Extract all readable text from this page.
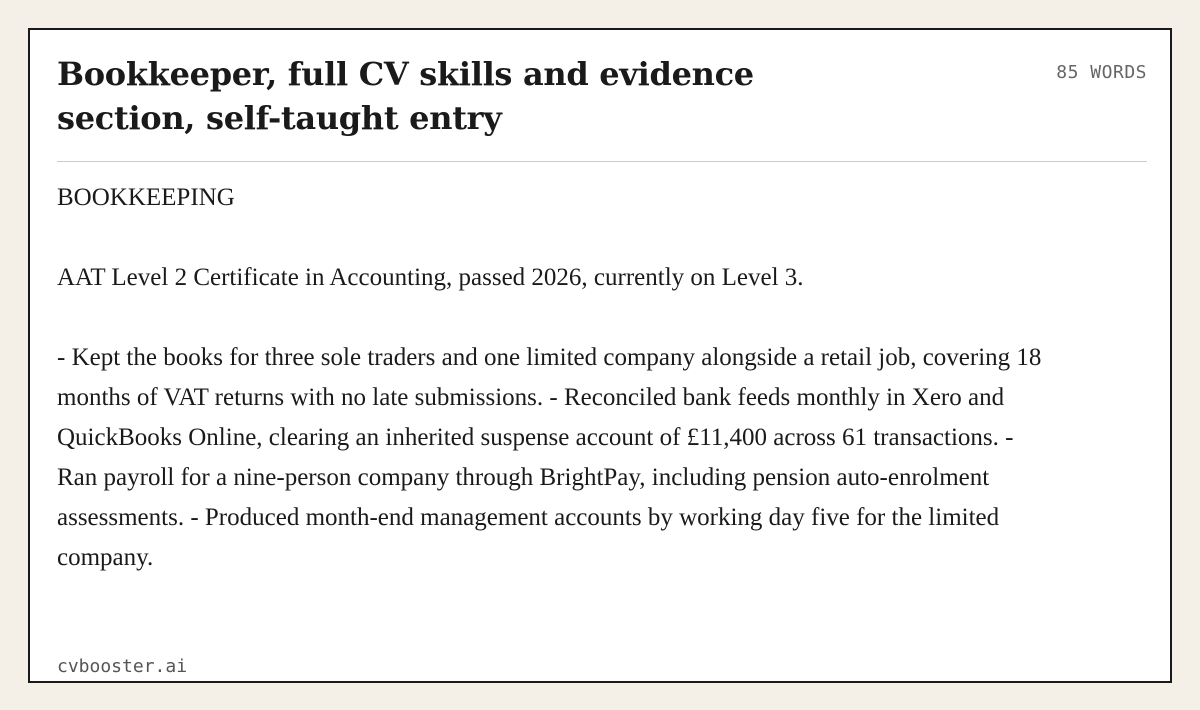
Bookkeeper, full CV skills and evidence section, self-taught entry
85 WORDS

BOOKKEEPING

AAT Level 2 Certificate in Accounting, passed 2026, currently on Level 3.

- Kept the books for three sole traders and one limited company alongside a retail job, covering 18 months of VAT returns with no late submissions. - Reconciled bank feeds monthly in Xero and QuickBooks Online, clearing an inherited suspense account of £11,400 across 61 transactions. - Ran payroll for a nine-person company through BrightPay, including pension auto-enrolment assessments. - Produced month-end management accounts by working day five for the limited company.

cvbooster.ai
